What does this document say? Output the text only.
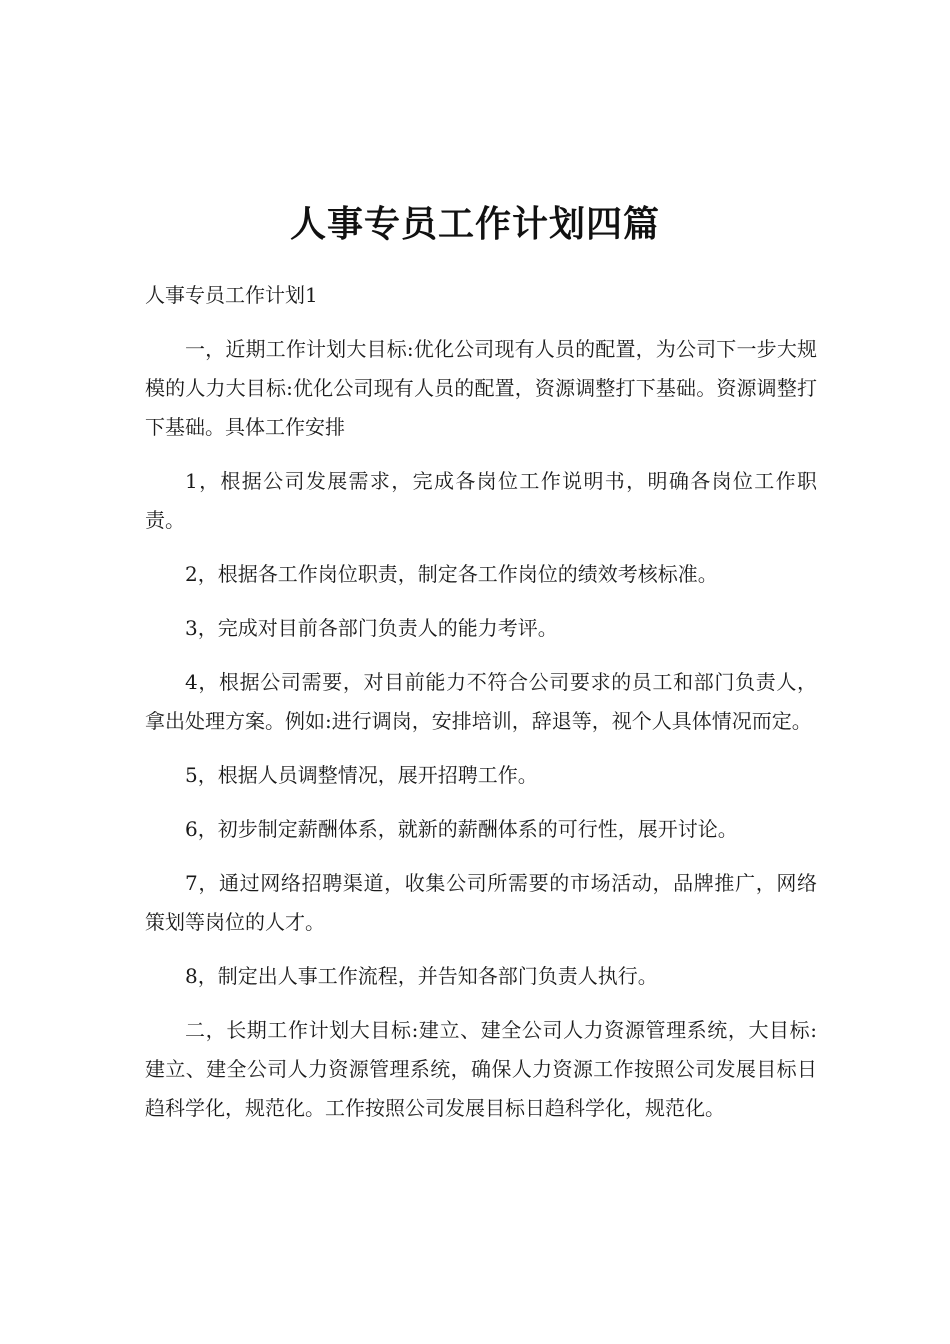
人事专员工作计划四篇
人事专员工作计划1

一，近期工作计划大目标:优化公司现有人员的配置，为公司下一步大规模的人力大目标:优化公司现有人员的配置，资源调整打下基础。资源调整打下基础。具体工作安排

1，根据公司发展需求，完成各岗位工作说明书，明确各岗位工作职责。

2，根据各工作岗位职责，制定各工作岗位的绩效考核标准。

3，完成对目前各部门负责人的能力考评。

4，根据公司需要，对目前能力不符合公司要求的员工和部门负责人，拿出处理方案。例如:进行调岗，安排培训，辞退等，视个人具体情况而定。

5，根据人员调整情况，展开招聘工作。

6，初步制定薪酬体系，就新的薪酬体系的可行性，展开讨论。

7，通过网络招聘渠道，收集公司所需要的市场活动，品牌推广，网络策划等岗位的人才。

8，制定出人事工作流程，并告知各部门负责人执行。

二，长期工作计划大目标:建立、建全公司人力资源管理系统，大目标:建立、建全公司人力资源管理系统，确保人力资源工作按照公司发展目标日趋科学化，规范化。工作按照公司发展目标日趋科学化，规范化。
